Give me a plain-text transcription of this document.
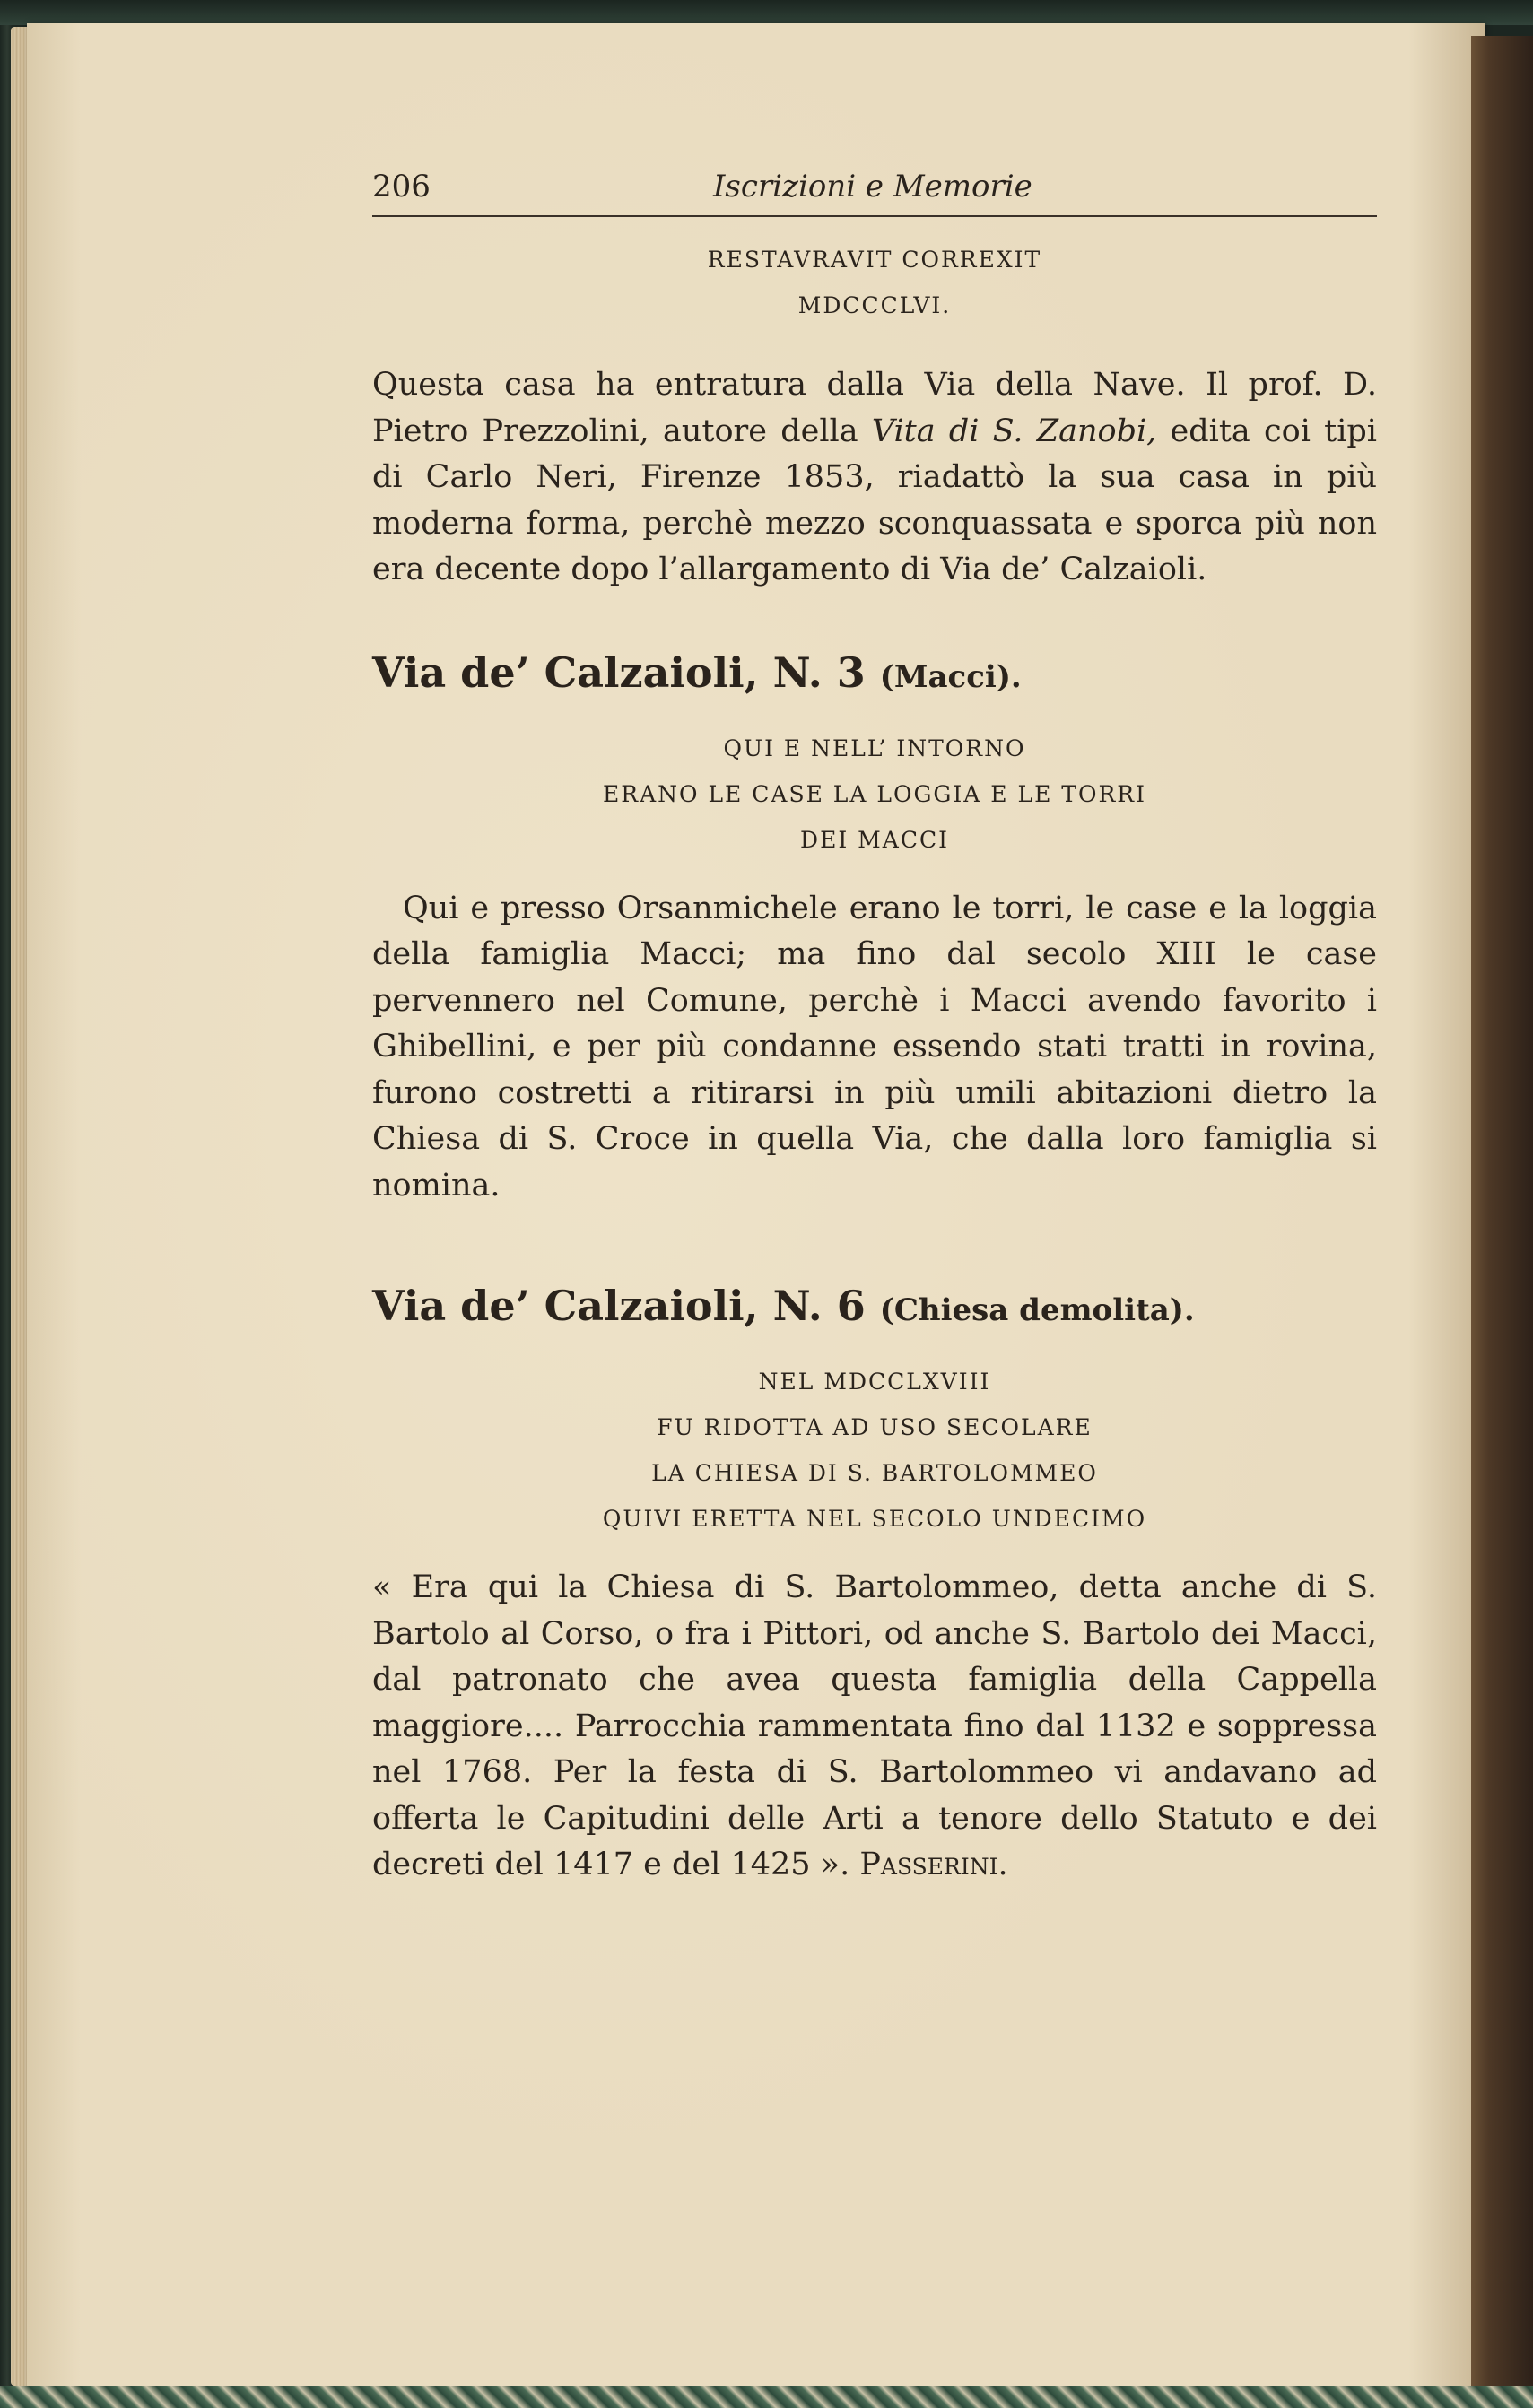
206	Iscrizioni e Memorie
RESTAVRAVIT CORREXIT
MDCCCLVI.

Questa casa ha entratura dalla Via della Nave. Il prof. D. Pietro Prezzolini, autore della Vita di S. Zanobi, edita coi tipi di Carlo Neri, Firenze 1853, riadattò la sua casa in più moderna forma, perchè mezzo sconquassata e sporca più non era decente dopo l’allargamento di Via de’ Calzaioli.

Via de’ Calzaioli, N. 3 (Macci).
QUI E NELL’ INTORNO
ERANO LE CASE LA LOGGIA E LE TORRI
DEI MACCI

Qui e presso Orsanmichele erano le torri, le case e la loggia della famiglia Macci; ma fino dal secolo XIII le case pervennero nel Comune, perchè i Macci avendo favorito i Ghibellini, e per più condanne essendo stati tratti in rovina, furono costretti a ritirarsi in più umili abitazioni dietro la Chiesa di S. Croce in quella Via, che dalla loro famiglia si nomina.

Via de’ Calzaioli, N. 6 (Chiesa demolita).
NEL MDCCLXVIII
FU RIDOTTA AD USO SECOLARE
LA CHIESA DI S. BARTOLOMMEO
QUIVI ERETTA NEL SECOLO UNDECIMO

« Era qui la Chiesa di S. Bartolommeo, detta anche di S. Bartolo al Corso, o fra i Pittori, od anche S. Bartolo dei Macci, dal patronato che avea questa famiglia della Cappella maggiore.... Parrocchia rammentata fino dal 1132 e soppressa nel 1768. Per la festa di S. Bartolommeo vi andavano ad offerta le Capitudini delle Arti a tenore dello Statuto e dei decreti del 1417 e del 1425 ». Passerini.
